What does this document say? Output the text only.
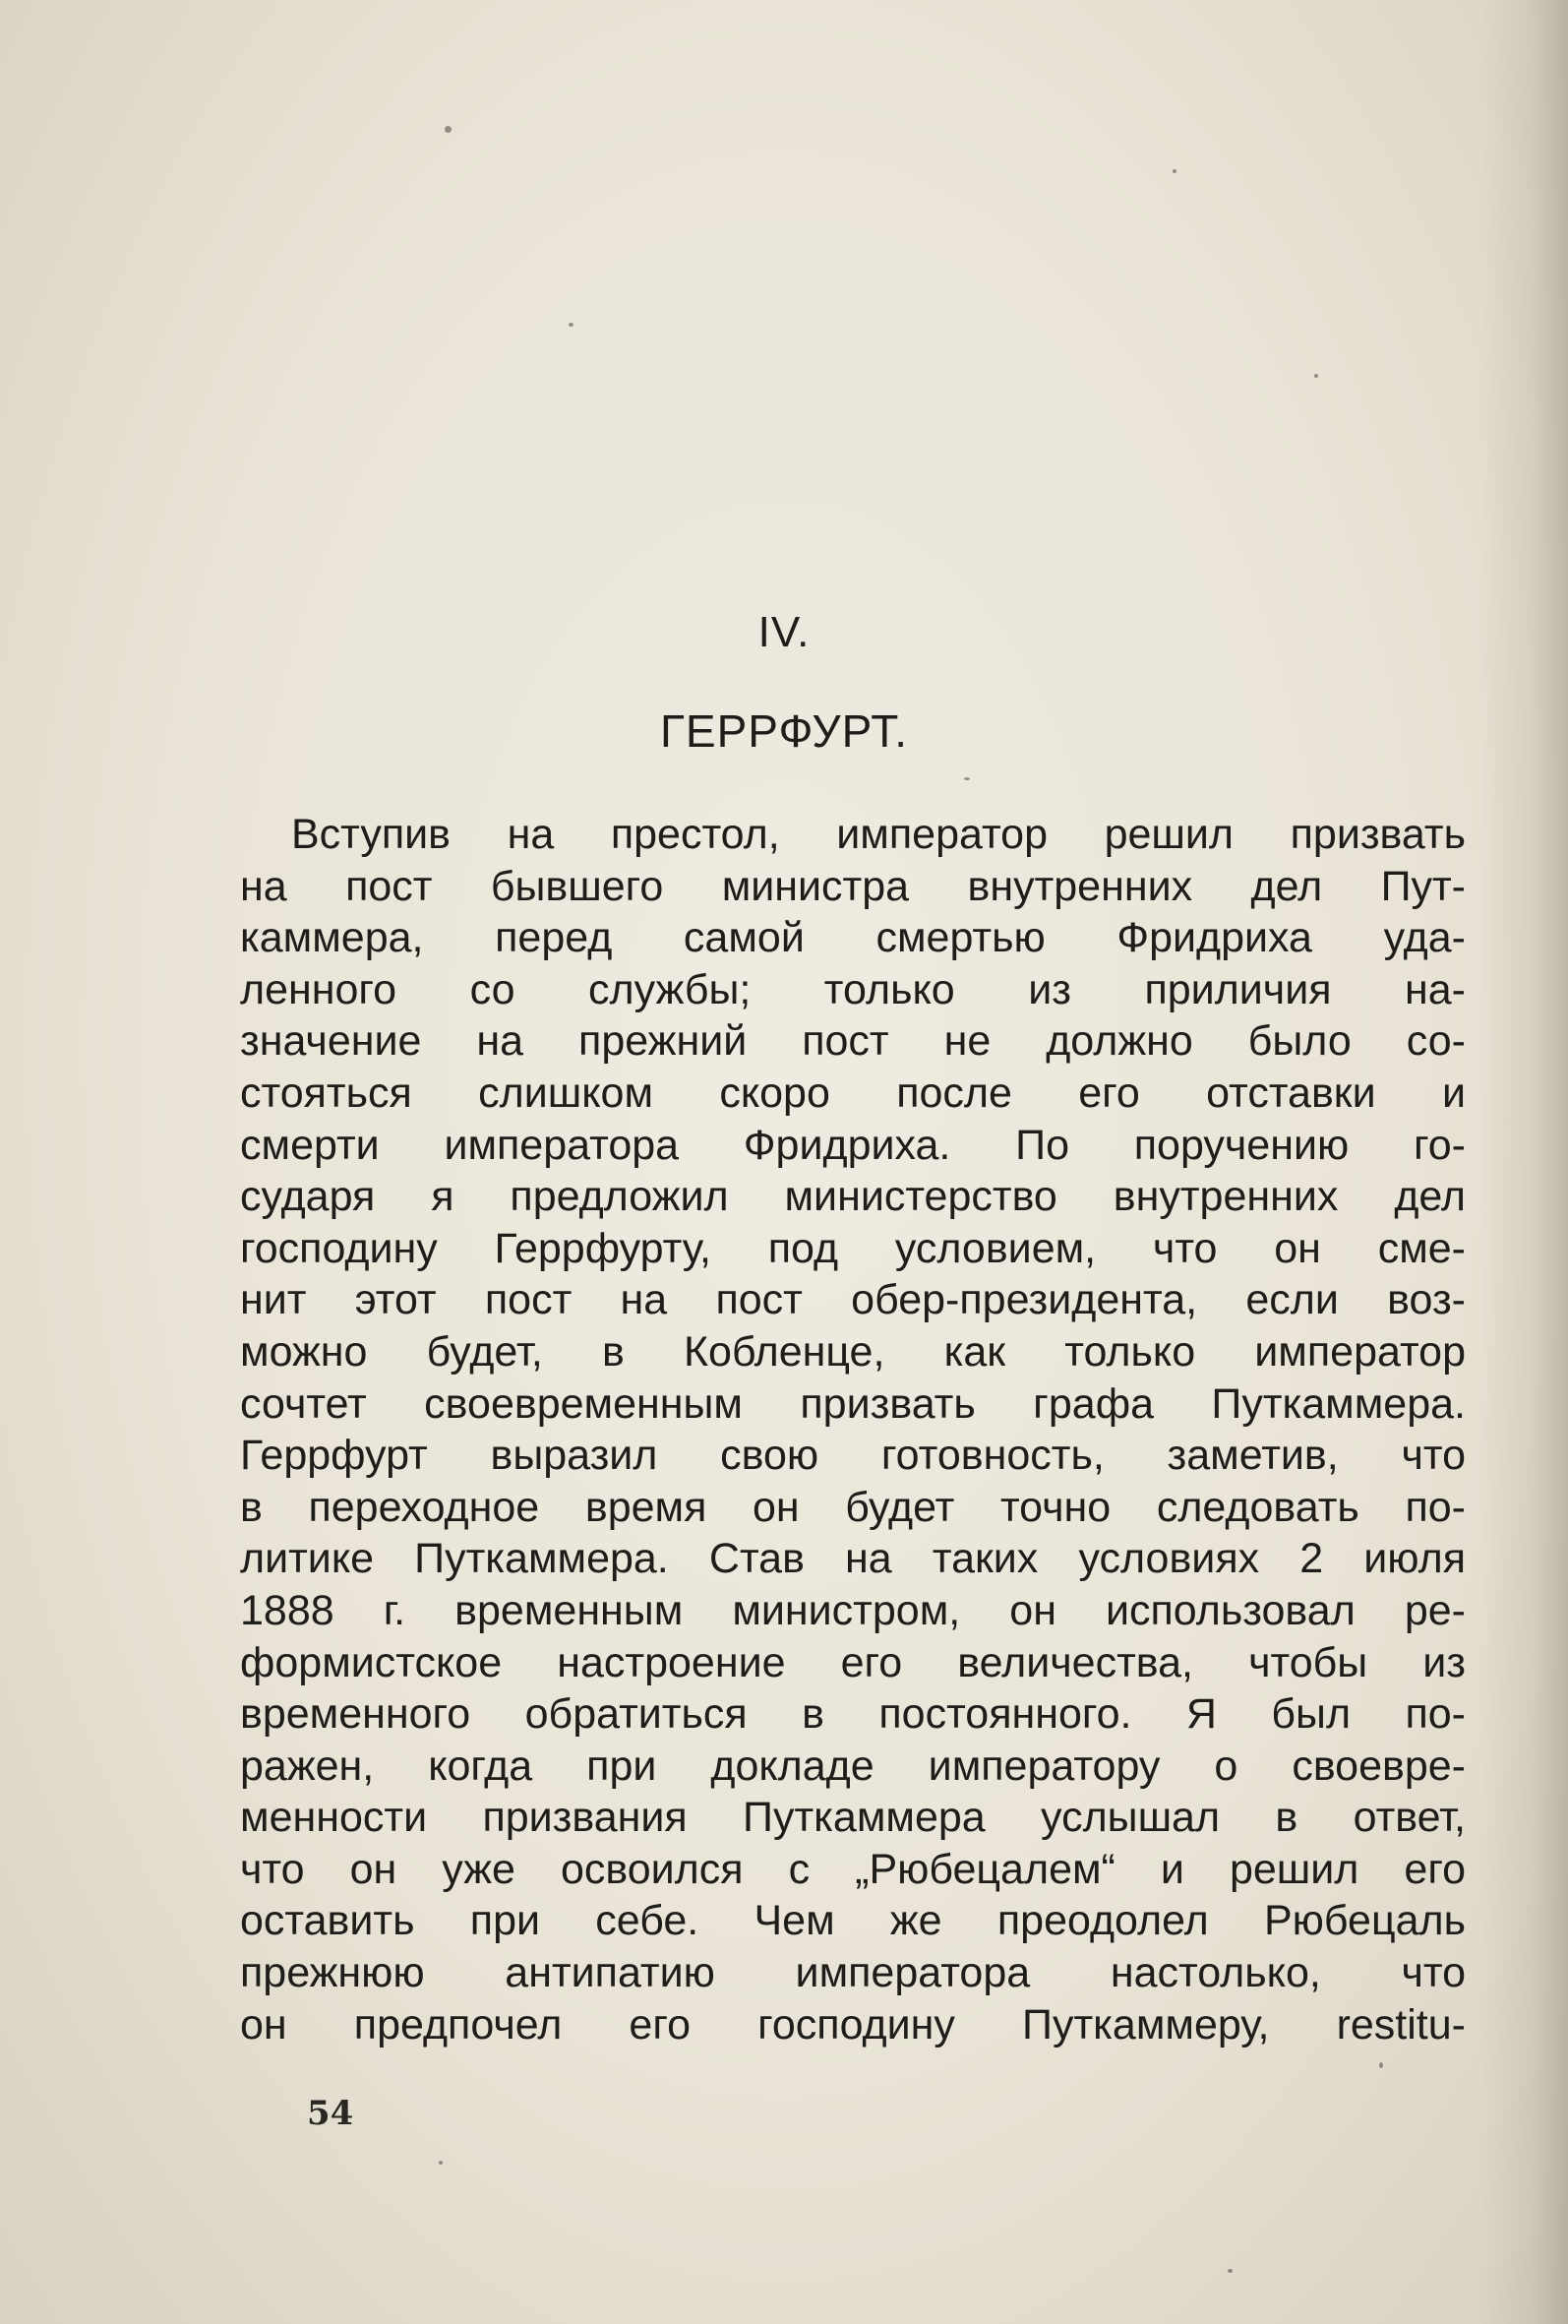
IV.
ГЕРРФУРТ.
Вступив на престол, император решил призвать
на пост бывшего министра внутренних дел Пут-
каммера, перед самой смертью Фридриха уда-
ленного со службы; только из приличия на-
значение на прежний пост не должно было со-
стояться слишком скоро после его отставки и
смерти императора Фридриха. По поручению го-
сударя я предложил министерство внутренних дел
господину Геррфурту, под условием, что он сме-
нит этот пост на пост обер-президента, если воз-
можно будет, в Кобленце, как только император
сочтет своевременным призвать графа Путкаммера.
Геррфурт выразил свою готовность, заметив, что
в переходное время он будет точно следовать по-
литике Путкаммера. Став на таких условиях 2 июля
1888 г. временным министром, он использовал ре-
формистское настроение его величества, чтобы из
временного обратиться в постоянного. Я был по-
ражен, когда при докладе императору о своевре-
менности призвания Путкаммера услышал в ответ,
что он уже освоился с „Рюбецалем“ и решил его
оставить при себе. Чем же преодолел Рюбецаль
прежнюю антипатию императора настолько, что
он предпочел его господину Путкаммеру, restitu-
54
